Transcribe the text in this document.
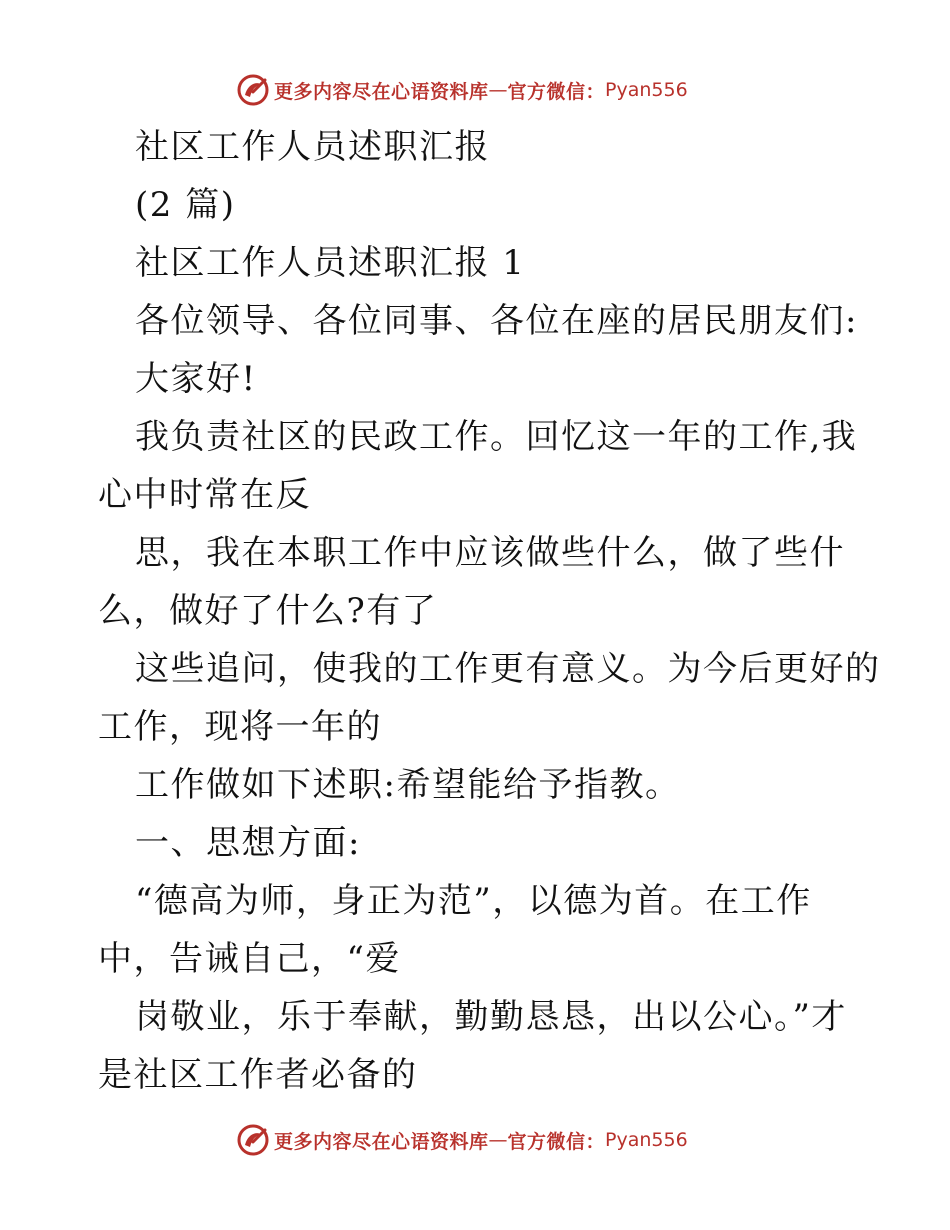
更多内容尽在心语资料库 — 官方微信： Pyan556
社区工作人员述职汇报
(2 篇)
社区工作人员述职汇报 1
各位领导、各位同事、各位在座的居民朋友们:
大家好!
我负责社区的民政工作。回忆这一年的工作,我
心中时常在反
思，我在本职工作中应该做些什么，做了些什
么，做好了什么?有了
这些追问，使我的工作更有意义。为今后更好的
工作，现将一年的
工作做如下述职:希望能给予指教。
一、思想方面:
“德高为师，身正为范”，以德为首。在工作
中，告诫自己，“爱
岗敬业，乐于奉献，勤勤恳恳，出以公心。”才
是社区工作者必备的
更多内容尽在心语资料库 — 官方微信： Pyan556
